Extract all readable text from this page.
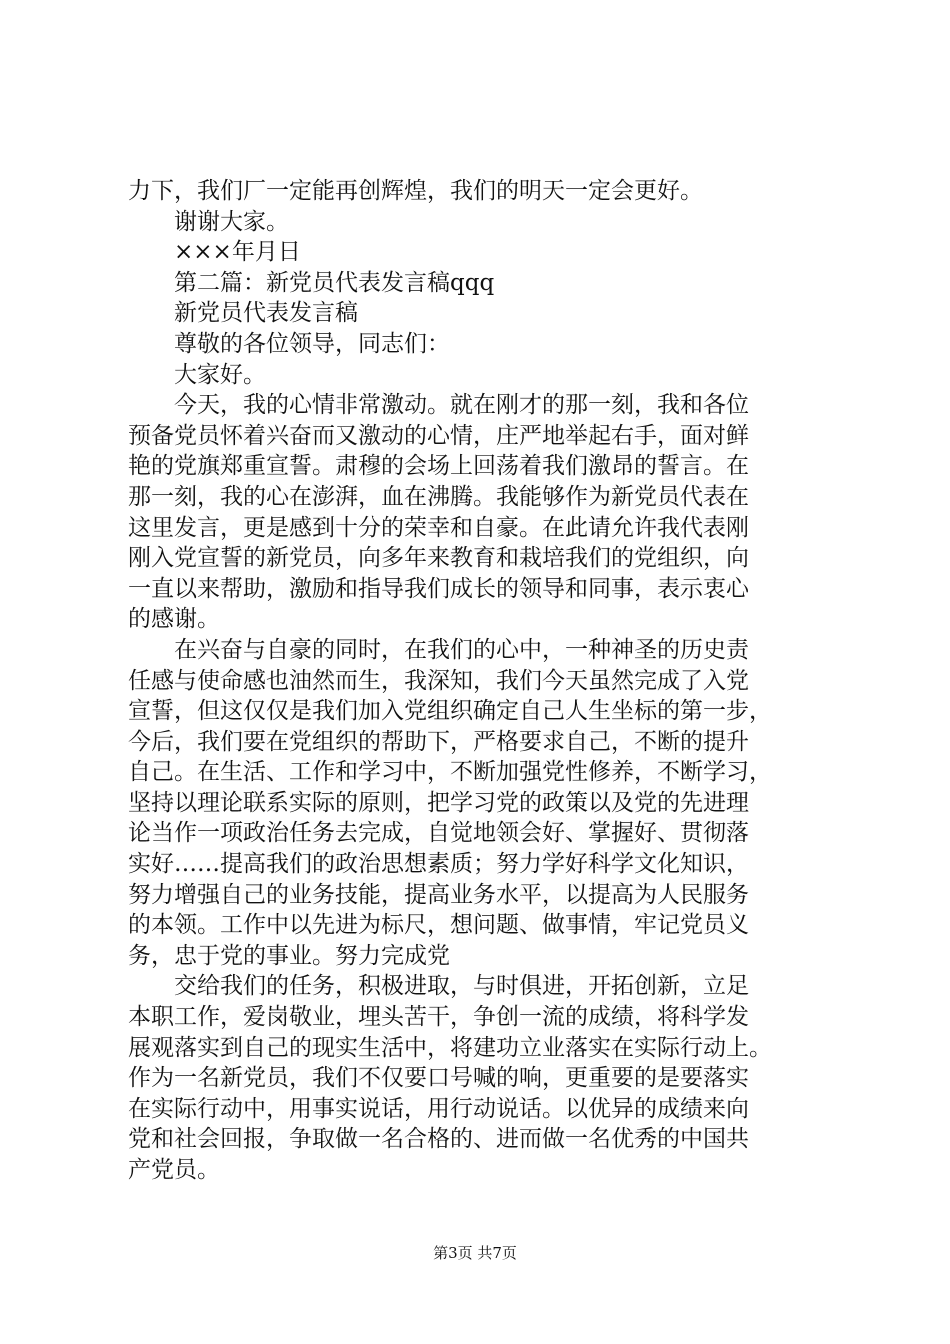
力下，我们厂一定能再创辉煌，我们的明天一定会更好。
谢谢大家。
×××年月日
第二篇：新党员代表发言稿qqq
新党员代表发言稿
尊敬的各位领导，同志们：
大家好。
今天，我的心情非常激动。就在刚才的那一刻，我和各位
预备党员怀着兴奋而又激动的心情，庄严地举起右手，面对鲜
艳的党旗郑重宣誓。肃穆的会场上回荡着我们激昂的誓言。在
那一刻，我的心在澎湃，血在沸腾。我能够作为新党员代表在
这里发言，更是感到十分的荣幸和自豪。在此请允许我代表刚
刚入党宣誓的新党员，向多年来教育和栽培我们的党组织，向
一直以来帮助，激励和指导我们成长的领导和同事，表示衷心
的感谢。
在兴奋与自豪的同时，在我们的心中，一种神圣的历史责
任感与使命感也油然而生，我深知，我们今天虽然完成了入党
宣誓，但这仅仅是我们加入党组织确定自己人生坐标的第一步，
今后，我们要在党组织的帮助下，严格要求自己，不断的提升
自己。在生活、工作和学习中，不断加强党性修养，不断学习，
坚持以理论联系实际的原则，把学习党的政策以及党的先进理
论当作一项政治任务去完成，自觉地领会好、掌握好、贯彻落
实好……提高我们的政治思想素质；努力学好科学文化知识，
努力增强自己的业务技能，提高业务水平，以提高为人民服务
的本领。工作中以先进为标尺，想问题、做事情，牢记党员义
务，忠于党的事业。努力完成党
交给我们的任务，积极进取，与时俱进，开拓创新，立足
本职工作，爱岗敬业，埋头苦干，争创一流的成绩，将科学发
展观落实到自己的现实生活中，将建功立业落实在实际行动上。
作为一名新党员，我们不仅要口号喊的响，更重要的是要落实
在实际行动中，用事实说话，用行动说话。以优异的成绩来向
党和社会回报，争取做一名合格的、进而做一名优秀的中国共
产党员。
第3页 共7页
